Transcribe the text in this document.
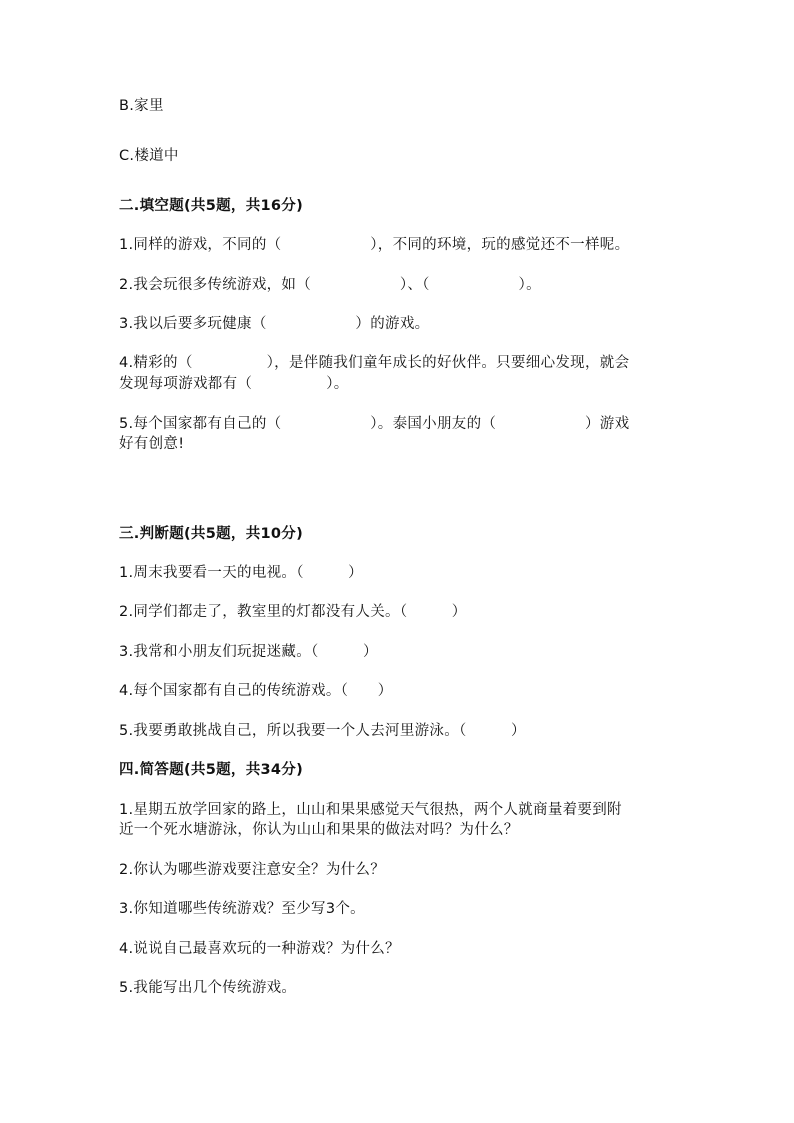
B.家里
C.楼道中
二.填空题(共5题，共16分)
1.同样的游戏，不同的（　　　　　　），不同的环境，玩的感觉还不一样呢。
2.我会玩很多传统游戏，如（　　　　　　）、（　　　　　　）。
3.我以后要多玩健康（　　　　　　）的游戏。
4.精彩的（　　　　　），是伴随我们童年成长的好伙伴。只要细心发现，就会
发现每项游戏都有（　　　　　）。
5.每个国家都有自己的（　　　　　　）。泰国小朋友的（　　　　　　）游戏
好有创意!
三.判断题(共5题，共10分)
1.周末我要看一天的电视。（　　　）
2.同学们都走了，教室里的灯都没有人关。（　　　）
3.我常和小朋友们玩捉迷藏。（　　　）
4.每个国家都有自己的传统游戏。（　　）
5.我要勇敢挑战自己，所以我要一个人去河里游泳。（　　　）
四.简答题(共5题，共34分)
1.星期五放学回家的路上，山山和果果感觉天气很热，两个人就商量着要到附
近一个死水塘游泳，你认为山山和果果的做法对吗？为什么？
2.你认为哪些游戏要注意安全？为什么？
3.你知道哪些传统游戏？至少写3个。
4.说说自己最喜欢玩的一种游戏？为什么？
5.我能写出几个传统游戏。
